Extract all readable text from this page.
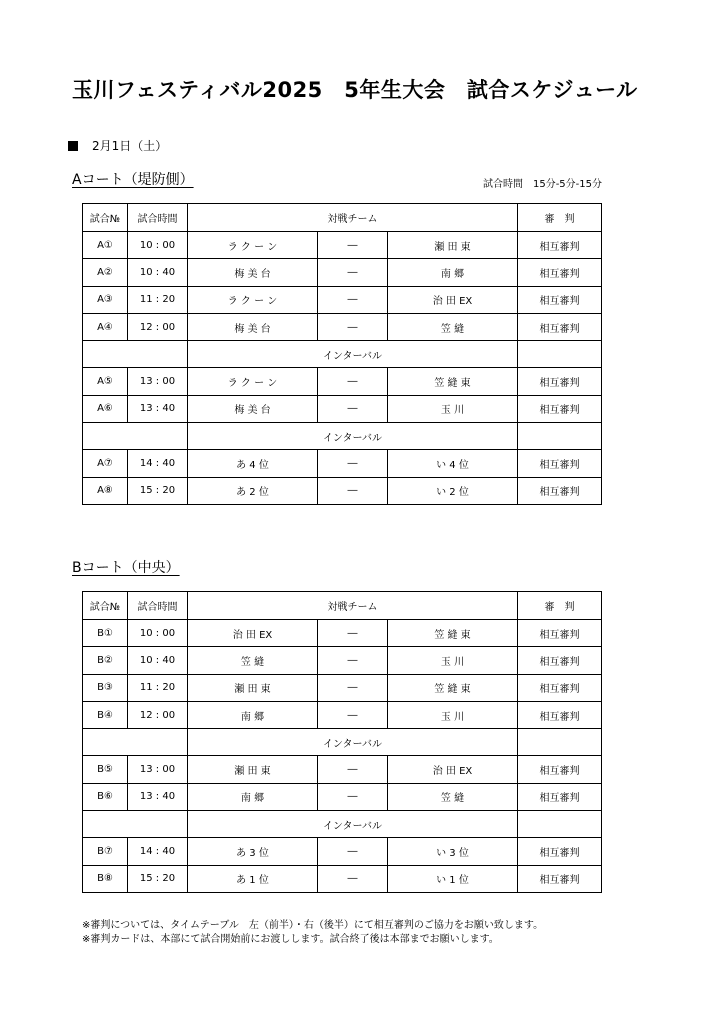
玉川フェスティバル2025　5年生大会　試合スケジュール
2月1日（土）
Aコート（堤防側）	試合時間　15分-5分-15分
試合№	試合時間	対戦チーム			審　判
A①	10 : 00	ラ ク ー ン	―	瀬 田 東	相互審判
A②	10 : 40	梅 美 台	―	南 郷	相互審判
A③	11 : 20	ラ ク ー ン	―	治 田 EX	相互審判
A④	12 : 00	梅 美 台	―	笠 縫	相互審判
		インターバル			
A⑤	13 : 00	ラ ク ー ン	―	笠 縫 東	相互審判
A⑥	13 : 40	梅 美 台	―	玉 川	相互審判
		インターバル			
A⑦	14 : 40	あ 4 位	―	い 4 位	相互審判
A⑧	15 : 20	あ 2 位	―	い 2 位	相互審判
Bコート（中央）
試合№	試合時間	対戦チーム			審　判
B①	10 : 00	治 田 EX	―	笠 縫 東	相互審判
B②	10 : 40	笠 縫	―	玉 川	相互審判
B③	11 : 20	瀬 田 東	―	笠 縫 東	相互審判
B④	12 : 00	南 郷	―	玉 川	相互審判
		インターバル			
B⑤	13 : 00	瀬 田 東	―	治 田 EX	相互審判
B⑥	13 : 40	南 郷	―	笠 縫	相互審判
		インターバル			
B⑦	14 : 40	あ 3 位	―	い 3 位	相互審判
B⑧	15 : 20	あ 1 位	―	い 1 位	相互審判
※審判については、タイムテーブル　左（前半）・右（後半）にて相互審判のご協力をお願い致します。
※審判カードは、本部にて試合開始前にお渡しします。試合終了後は本部までお願いします。
